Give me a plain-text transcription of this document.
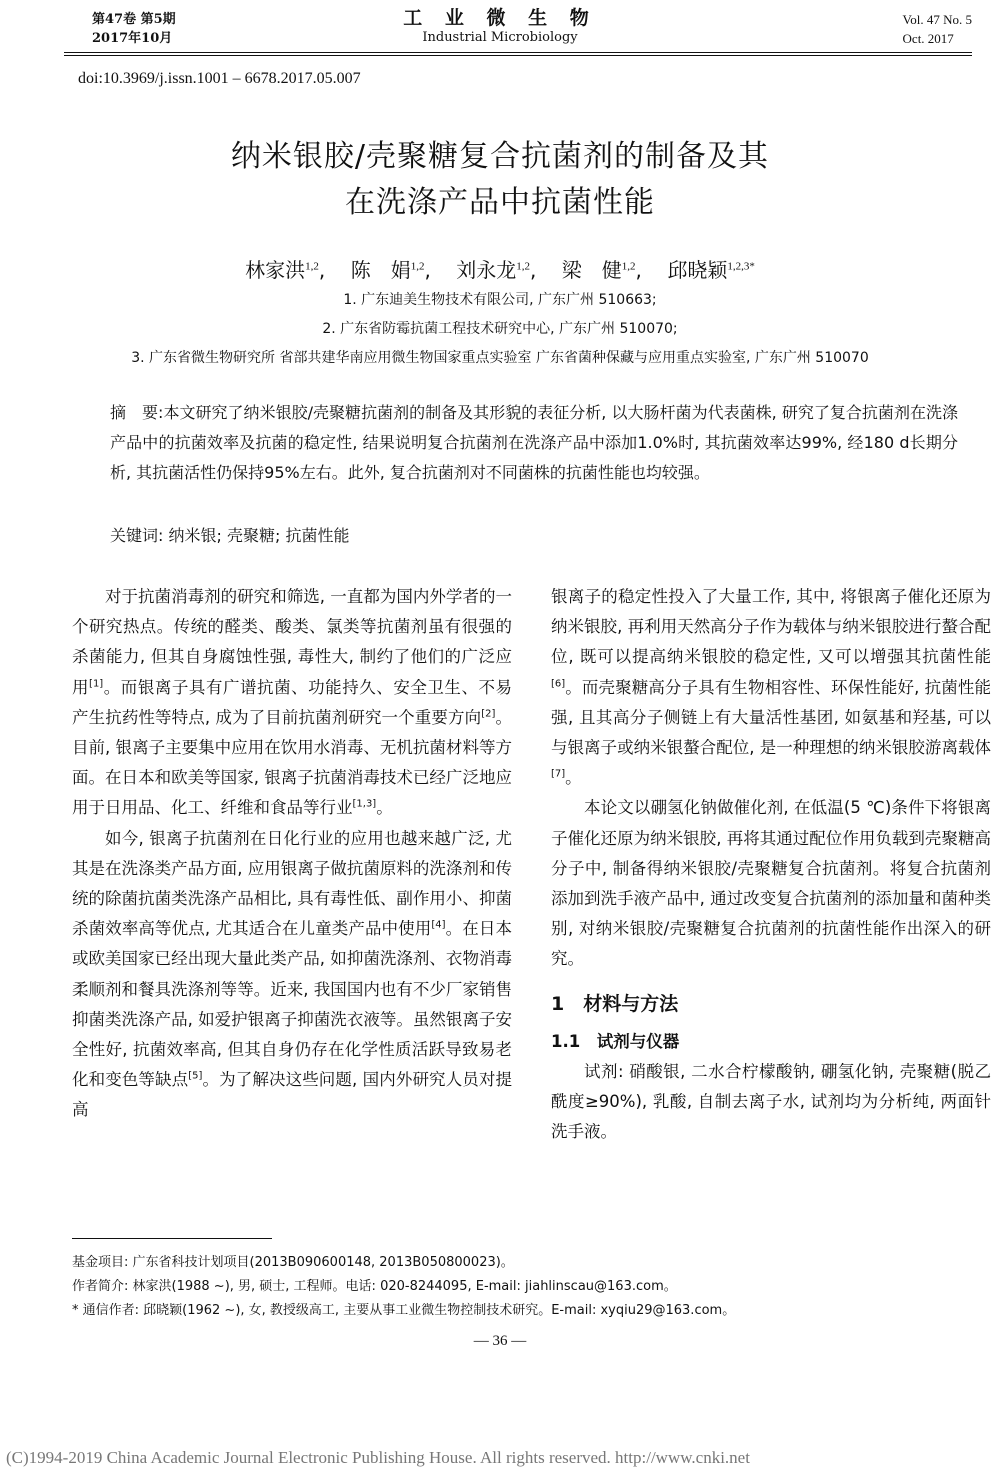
第47卷 第5期
2017年10月
工 业 微 生 物
Industrial Microbiology
Vol. 47 No. 5
Oct. 2017
doi:10.3969/j.issn.1001 – 6678.2017.05.007
纳米银胶/壳聚糖复合抗菌剂的制备及其
在洗涤产品中抗菌性能
林家洪$^{1,2}$,    陈　娟$^{1,2}$,    刘永龙$^{1,2}$,    梁　健$^{1,2}$,    邱晓颖$^{1,2,3*}$
1. 广东迪美生物技术有限公司, 广东广州 510663;
2. 广东省防霉抗菌工程技术研究中心, 广东广州 510070;
3. 广东省微生物研究所 省部共建华南应用微生物国家重点实验室 广东省菌种保藏与应用重点实验室, 广东广州 510070
摘　要:本文研究了纳米银胶/壳聚糖抗菌剂的制备及其形貌的表征分析, 以大肠杆菌为代表菌株, 研究了复合抗菌剂在洗涤产品中的抗菌效率及抗菌的稳定性, 结果说明复合抗菌剂在洗涤产品中添加1.0%时, 其抗菌效率达99%, 经180 d长期分析, 其抗菌活性仍保持95%左右。此外, 复合抗菌剂对不同菌株的抗菌性能也均较强。
关键词: 纳米银; 壳聚糖; 抗菌性能

对于抗菌消毒剂的研究和筛选, 一直都为国内外学者的一个研究热点。传统的醛类、酸类、氯类等抗菌剂虽有很强的杀菌能力, 但其自身腐蚀性强, 毒性大, 制约了他们的广泛应用[1]。而银离子具有广谱抗菌、功能持久、安全卫生、不易产生抗药性等特点, 成为了目前抗菌剂研究一个重要方向[2]。目前, 银离子主要集中应用在饮用水消毒、无机抗菌材料等方面。在日本和欧美等国家, 银离子抗菌消毒技术已经广泛地应用于日用品、化工、纤维和食品等行业[1,3]。

如今, 银离子抗菌剂在日化行业的应用也越来越广泛, 尤其是在洗涤类产品方面, 应用银离子做抗菌原料的洗涤剂和传统的除菌抗菌类洗涤产品相比, 具有毒性低、副作用小、抑菌杀菌效率高等优点, 尤其适合在儿童类产品中使用[4]。在日本或欧美国家已经出现大量此类产品, 如抑菌洗涤剂、衣物消毒柔顺剂和餐具洗涤剂等等。近来, 我国国内也有不少厂家销售抑菌类洗涤产品, 如爱护银离子抑菌洗衣液等。虽然银离子安全性好, 抗菌效率高, 但其自身仍存在化学性质活跃导致易老化和变色等缺点[5]。为了解决这些问题, 国内外研究人员对提高

银离子的稳定性投入了大量工作, 其中, 将银离子催化还原为纳米银胶, 再利用天然高分子作为载体与纳米银胶进行螯合配位, 既可以提高纳米银胶的稳定性, 又可以增强其抗菌性能[6]。而壳聚糖高分子具有生物相容性、环保性能好, 抗菌性能强, 且其高分子侧链上有大量活性基团, 如氨基和羟基, 可以与银离子或纳米银螯合配位, 是一种理想的纳米银胶游离载体[7]。

本论文以硼氢化钠做催化剂, 在低温(5 ℃)条件下将银离子催化还原为纳米银胶, 再将其通过配位作用负载到壳聚糖高分子中, 制备得纳米银胶/壳聚糖复合抗菌剂。将复合抗菌剂添加到洗手液产品中, 通过改变复合抗菌剂的添加量和菌种类别, 对纳米银胶/壳聚糖复合抗菌剂的抗菌性能作出深入的研究。

1　材料与方法
1.1　试剂与仪器

试剂: 硝酸银, 二水合柠檬酸钠, 硼氢化钠, 壳聚糖(脱乙酰度≥90%), 乳酸, 自制去离子水, 试剂均为分析纯, 两面针洗手液。

基金项目: 广东省科技计划项目(2013B090600148, 2013B050800023)。
作者简介: 林家洪(1988 ~), 男, 硕士, 工程师。电话: 020-8244095, E-mail: jiahlinscau@163.com。
* 通信作者: 邱晓颖(1962 ~), 女, 教授级高工, 主要从事工业微生物控制技术研究。E-mail: xyqiu29@163.com。
— 36 —
(C)1994-2019 China Academic Journal Electronic Publishing House. All rights reserved. http://www.cnki.net
